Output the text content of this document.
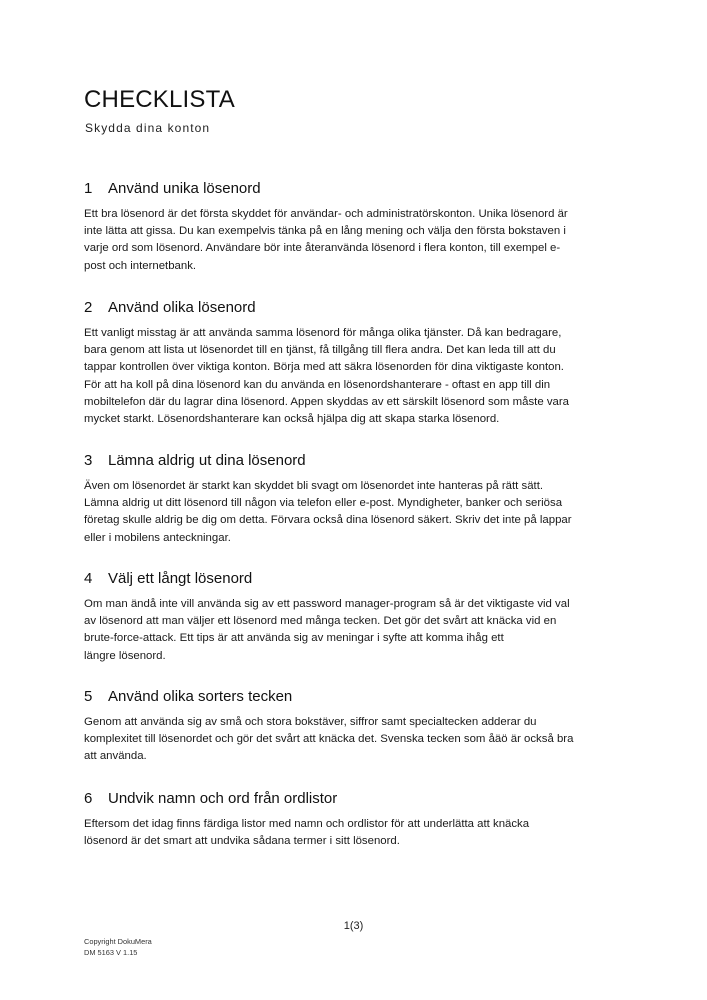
CHECKLISTA
Skydda dina konton
1	Använd unika lösenord
Ett bra lösenord är det första skyddet för användar- och administratörskonton. Unika lösenord är
inte lätta att gissa. Du kan exempelvis tänka på en lång mening och välja den första bokstaven i
varje ord som lösenord. Användare bör inte återanvända lösenord i flera konton, till exempel e-
post och internetbank.
2	Använd olika lösenord
Ett vanligt misstag är att använda samma lösenord för många olika tjänster. Då kan bedragare,
bara genom att lista ut lösenordet till en tjänst, få tillgång till flera andra. Det kan leda till att du
tappar kontrollen över viktiga konton. Börja med att säkra lösenorden för dina viktigaste konton.
För att ha koll på dina lösenord kan du använda en lösenordshanterare - oftast en app till din
mobiltelefon där du lagrar dina lösenord. Appen skyddas av ett särskilt lösenord som måste vara
mycket starkt. Lösenordshanterare kan också hjälpa dig att skapa starka lösenord.
3	Lämna aldrig ut dina lösenord
Även om lösenordet är starkt kan skyddet bli svagt om lösenordet inte hanteras på rätt sätt.
Lämna aldrig ut ditt lösenord till någon via telefon eller e-post. Myndigheter, banker och seriösa
företag skulle aldrig be dig om detta. Förvara också dina lösenord säkert. Skriv det inte på lappar
eller i mobilens anteckningar.
4	Välj ett långt lösenord
Om man ändå inte vill använda sig av ett password manager-program så är det viktigaste vid val
av lösenord att man väljer ett lösenord med många tecken. Det gör det svårt att knäcka vid en
brute-force-attack. Ett tips är att använda sig av meningar i syfte att komma ihåg ett
längre lösenord.
5	Använd olika sorters tecken
Genom att använda sig av små och stora bokstäver, siffror samt specialtecken adderar du
komplexitet till lösenordet och gör det svårt att knäcka det. Svenska tecken som åäö är också bra
att använda.
6	Undvik namn och ord från ordlistor
Eftersom det idag finns färdiga listor med namn och ordlistor för att underlätta att knäcka
lösenord är det smart att undvika sådana termer i sitt lösenord.
1(3)
Copyright DokuMera
DM 5163 V 1.15
